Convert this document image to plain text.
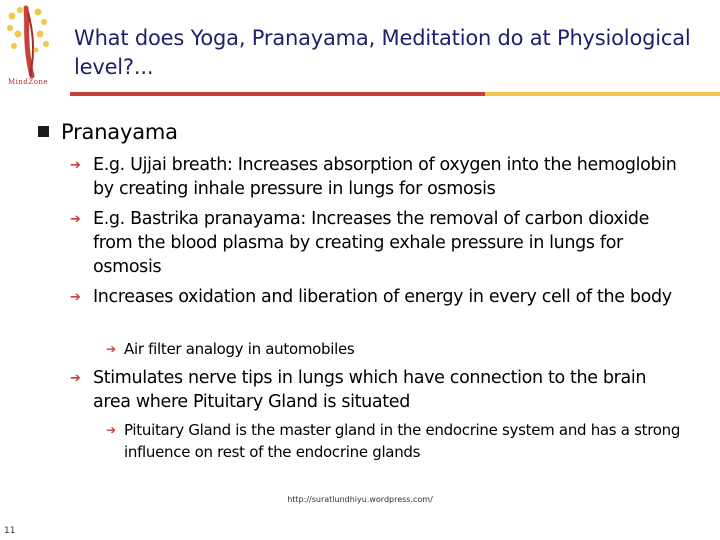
MindZone
What does Yoga, Pranayama, Meditation do at Physiological level?...
Pranayama
➔ E.g. Ujjai breath: Increases absorption of oxygen into the hemoglobin by creating inhale pressure in lungs for osmosis
➔ E.g. Bastrika pranayama: Increases the removal of carbon dioxide from the blood plasma by creating exhale pressure in lungs for osmosis
➔ Increases oxidation and liberation of energy in every cell of the body
➔ Air filter analogy in automobiles
➔ Stimulates nerve tips in lungs which have connection to the brain area where Pituitary Gland is situated
➔ Pituitary Gland is the master gland in the endocrine system and has a strong influence on rest of the endocrine glands
http://suratlundhiyu.wordpress.com/
11
